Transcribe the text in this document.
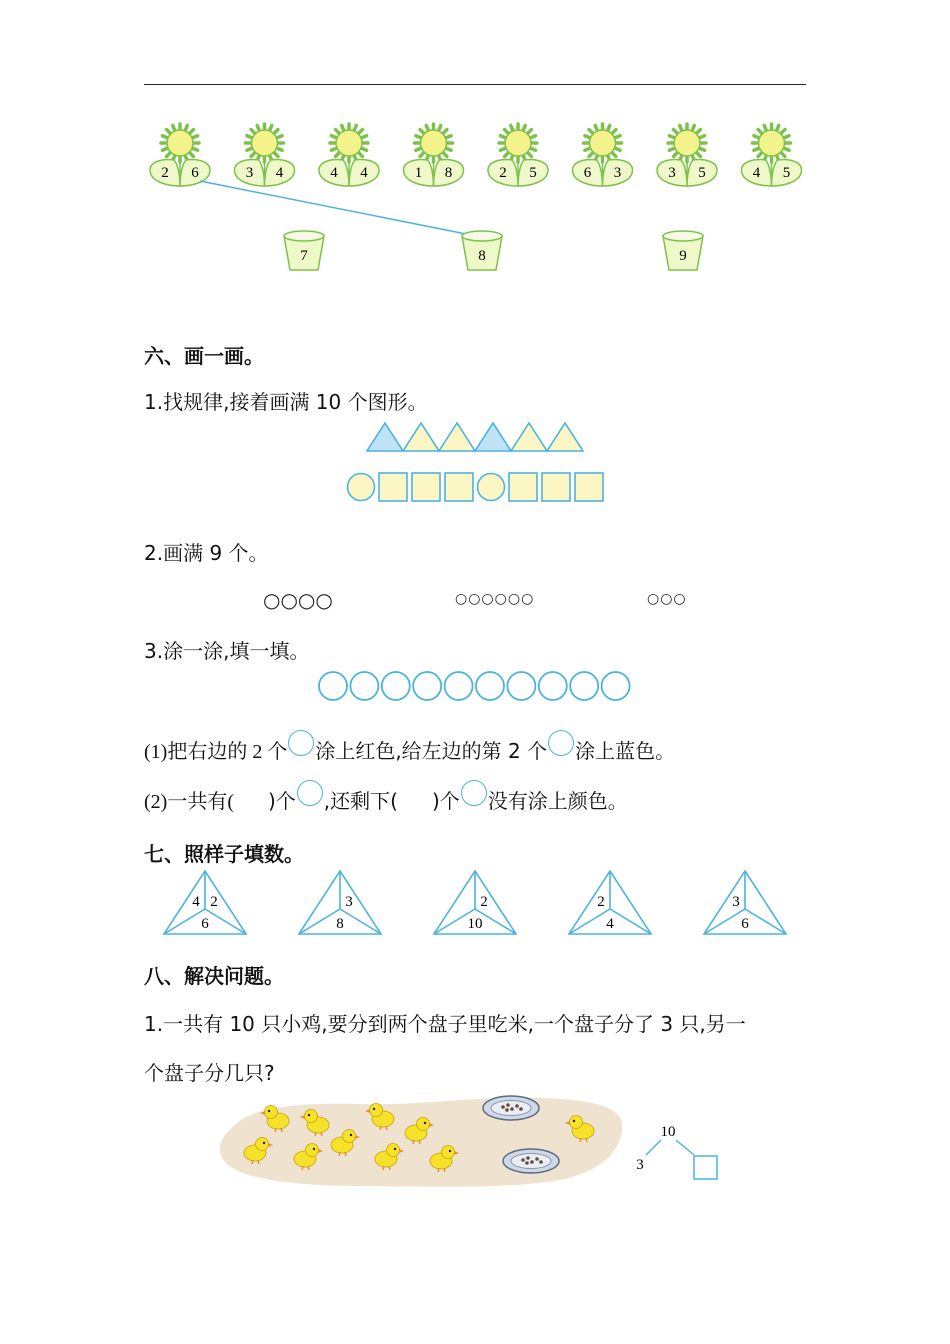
2 6	3 4	4 4	1 8	2 5	6 3	3 5	4 5
7	8	9
六、画一画。
1.找规律,接着画满 10 个图形。
2.画满 9 个。
○○○○	○○○○○○	○○○
3.涂一涂,填一填。
(1)把右边的 2 个 涂上红色,给左边的第 2 个 涂上蓝色。
(2)一共有( )个 ,还剩下( )个 没有涂上颜色。
七、照样子填数。
4 2
6
3
8
2
10
2
4
3
6
八、解决问题。
1.一共有 10 只小鸡,要分到两个盘子里吃米,一个盘子分了 3 只,另一
个盘子分几只?
10
3
